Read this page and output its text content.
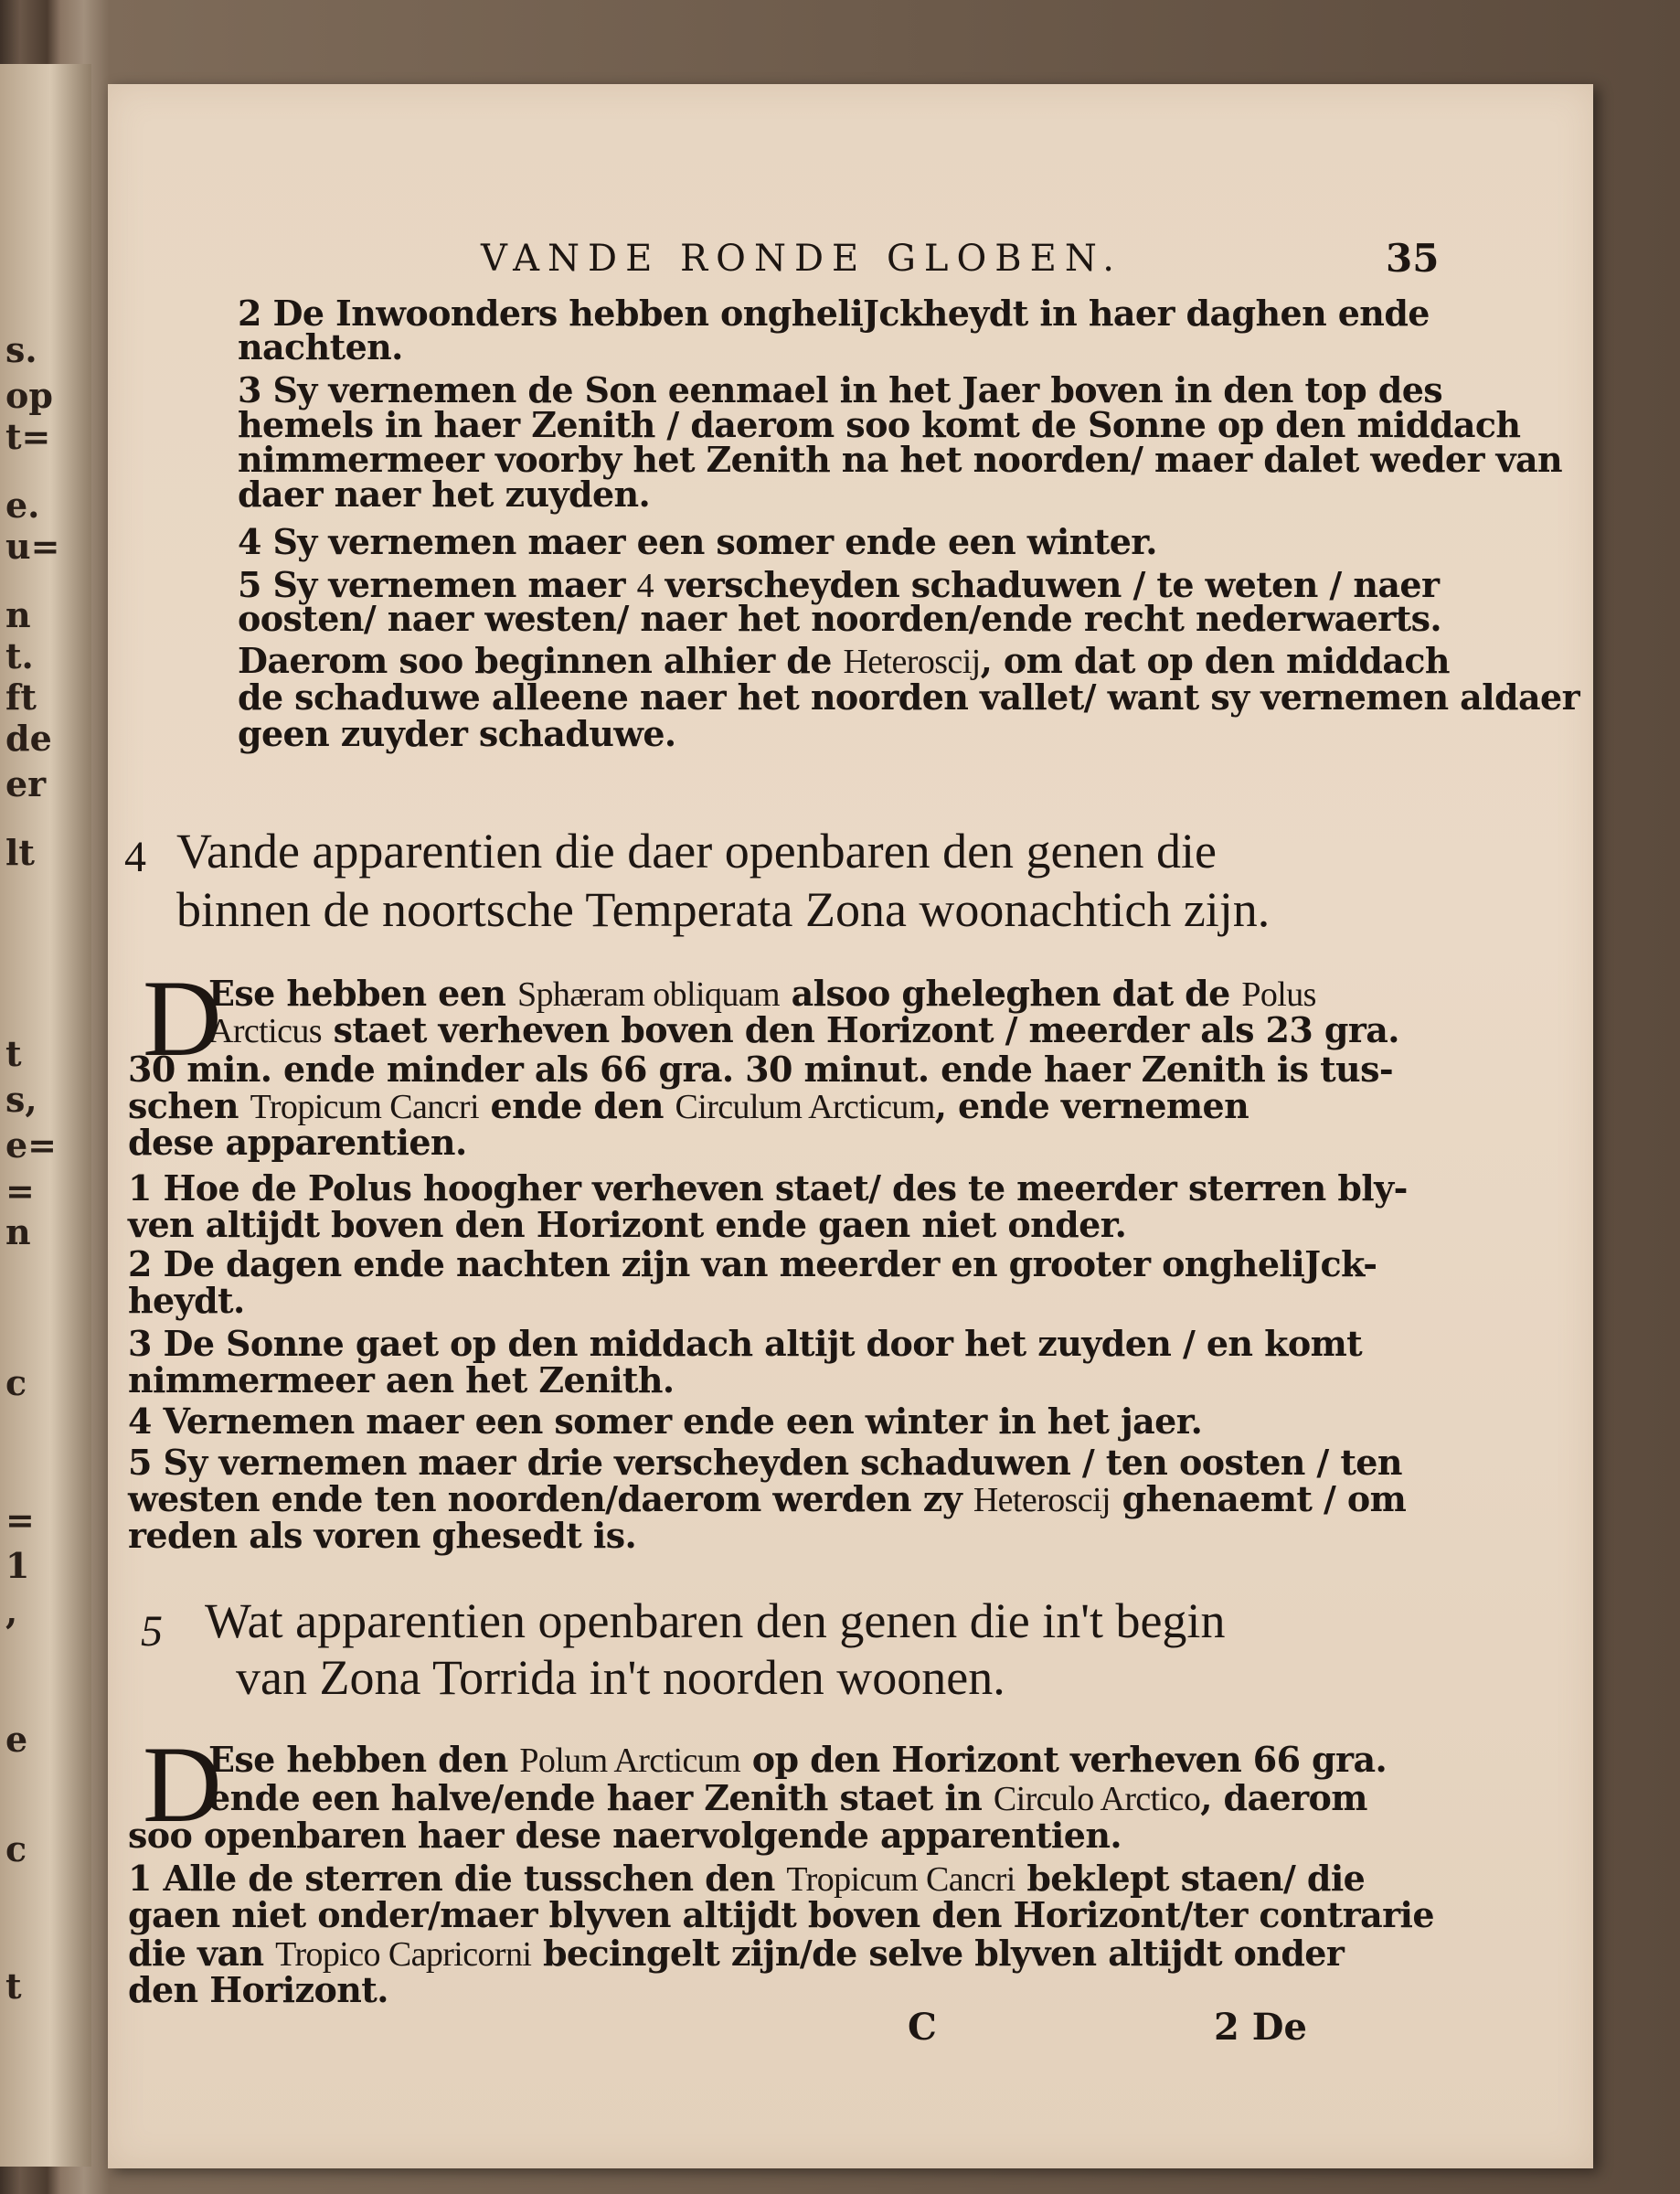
s.
op
t=
e.
u=
n
t.
ft
de
er
lt
t
s,
e=
=
n
c
=
1
,
e
c
t
VANDE RONDE GLOBEN.	35
2 De Inwoonders hebben ongheliJckheydt in haer daghen ende
nachten.
3 Sy vernemen de Son eenmael in het Jaer boven in den top des
hemels in haer Zenith / daerom soo komt de Sonne op den middach
nimmermeer voorby het Zenith na het noorden/ maer dalet weder van
daer naer het zuyden.
4 Sy vernemen maer een somer ende een winter.
5 Sy vernemen maer 4 verscheyden schaduwen / te weten / naer
oosten/ naer westen/ naer het noorden/ende recht nederwaerts.
Daerom soo beginnen alhier de Heteroscij, om dat op den middach
de schaduwe alleene naer het noorden vallet/ want sy vernemen aldaer
geen zuyder schaduwe.
4 Vande apparentien die daer openbaren den genen die
binnen de noortsche Temperata Zona woonachtich zijn.
D
Ese hebben een Sphæram obliquam alsoo gheleghen dat de Polus
Arcticus staet verheven boven den Horizont / meerder als 23 gra.
30 min. ende minder als 66 gra. 30 minut. ende haer Zenith is tus-
schen Tropicum Cancri ende den Circulum Arcticum, ende vernemen
dese apparentien.
1 Hoe de Polus hoogher verheven staet/ des te meerder sterren bly-
ven altijdt boven den Horizont ende gaen niet onder.
2 De dagen ende nachten zijn van meerder en grooter ongheliJck-
heydt.
3 De Sonne gaet op den middach altijt door het zuyden / en komt
nimmermeer aen het Zenith.
4 Vernemen maer een somer ende een winter in het jaer.
5 Sy vernemen maer drie verscheyden schaduwen / ten oosten / ten
westen ende ten noorden/daerom werden zy Heteroscij ghenaemt / om
reden als voren ghesedt is.
5 Wat apparentien openbaren den genen die in't begin
van Zona Torrida in't noorden woonen.
D
Ese hebben den Polum Arcticum op den Horizont verheven 66 gra.
ende een halve/ende haer Zenith staet in Circulo Arctico, daerom
soo openbaren haer dese naervolgende apparentien.
1 Alle de sterren die tusschen den Tropicum Cancri beklept staen/ die
gaen niet onder/maer blyven altijdt boven den Horizont/ter contrarie
die van Tropico Capricorni becingelt zijn/de selve blyven altijdt onder
den Horizont.
C	2 De
